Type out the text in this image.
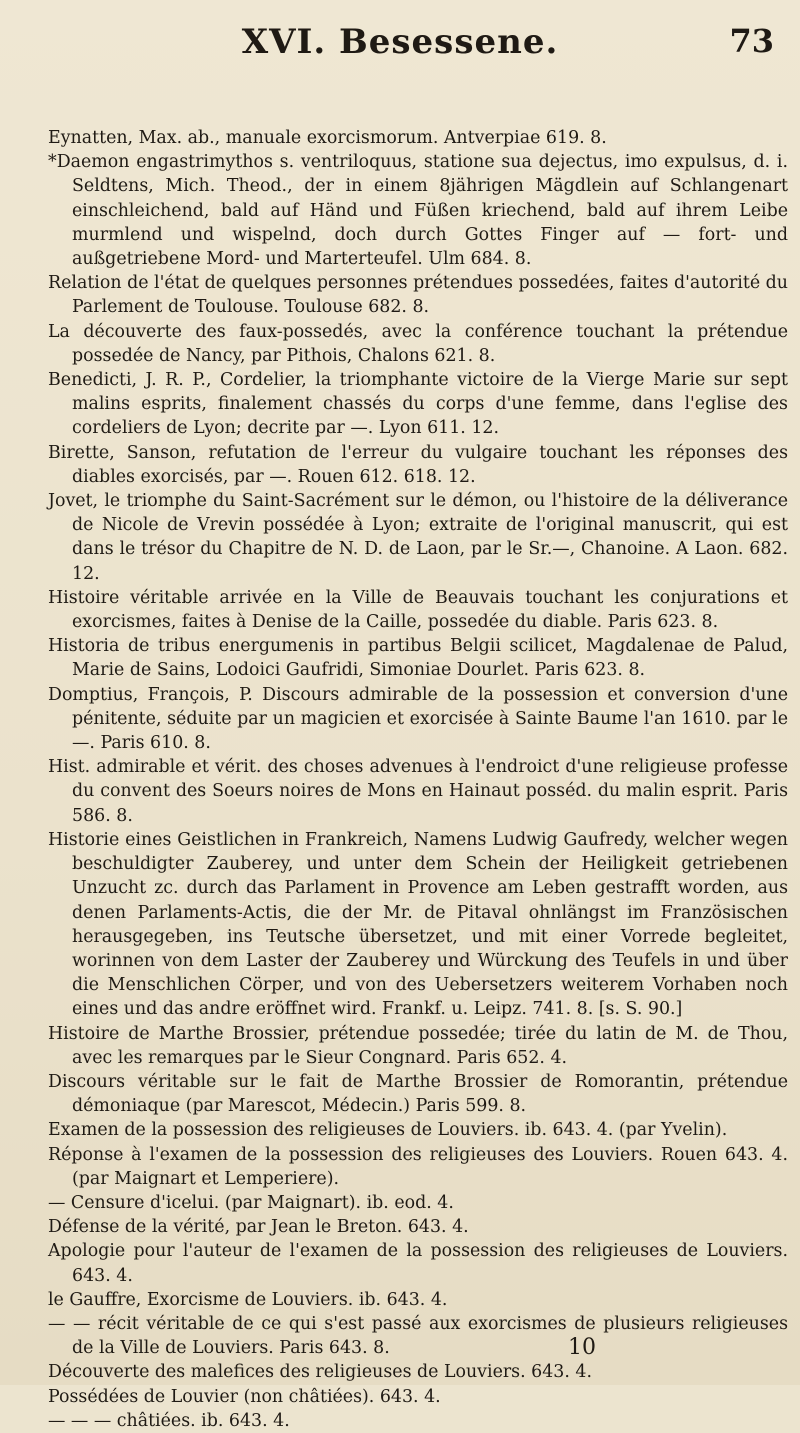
XVI. Besessene.	73

Eynatten, Max. ab., manuale exorcismorum. Antverpiae 619. 8.

*Daemon engastrimythos s. ventriloquus, statione sua dejectus, imo expulsus, d. i. Seldtens, Mich. Theod., der in einem 8jährigen Mägdlein auf Schlangenart einschleichend, bald auf Händ und Füßen kriechend, bald auf ihrem Leibe murmlend und wispelnd, doch durch Gottes Finger auf — fort- und außgetriebene Mord- und Marterteufel. Ulm 684. 8.

Relation de l'état de quelques personnes prétendues possedées, faites d'autorité du Parlement de Toulouse. Toulouse 682. 8.

La découverte des faux-possedés, avec la conférence touchant la prétendue possedée de Nancy, par Pithois, Chalons 621. 8.

Benedicti, J. R. P., Cordelier, la triomphante victoire de la Vierge Marie sur sept malins esprits, finalement chassés du corps d'une femme, dans l'eglise des cordeliers de Lyon; decrite par —. Lyon 611. 12.

Birette, Sanson, refutation de l'erreur du vulgaire touchant les réponses des diables exorcisés, par —. Rouen 612. 618. 12.

Jovet, le triomphe du Saint-Sacrément sur le démon, ou l'histoire de la déliverance de Nicole de Vrevin possédée à Lyon; extraite de l'original manuscrit, qui est dans le trésor du Chapitre de N. D. de Laon, par le Sr.—, Chanoine. A Laon. 682. 12.

Histoire véritable arrivée en la Ville de Beauvais touchant les conjurations et exorcismes, faites à Denise de la Caille, possedée du diable. Paris 623. 8.

Historia de tribus energumenis in partibus Belgii scilicet, Magdalenae de Palud, Marie de Sains, Lodoici Gaufridi, Simoniae Dourlet. Paris 623. 8.

Domptius, François, P. Discours admirable de la possession et conversion d'une pénitente, séduite par un magicien et exorcisée à Sainte Baume l'an 1610. par le —. Paris 610. 8.

Hist. admirable et vérit. des choses advenues à l'endroict d'une religieuse professe du convent des Soeurs noires de Mons en Hainaut posséd. du malin esprit. Paris 586. 8.

Historie eines Geistlichen in Frankreich, Namens Ludwig Gaufredy, welcher wegen beschuldigter Zauberey, und unter dem Schein der Heiligkeit getriebenen Unzucht zc. durch das Parlament in Provence am Leben gestrafft worden, aus denen Parlaments-Actis, die der Mr. de Pitaval ohnlängst im Französischen herausgegeben, ins Teutsche übersetzet, und mit einer Vorrede begleitet, worinnen von dem Laster der Zauberey und Würckung des Teufels in und über die Menschlichen Cörper, und von des Uebersetzers weiterem Vorhaben noch eines und das andre eröffnet wird. Frankf. u. Leipz. 741. 8. [s. S. 90.]

Histoire de Marthe Brossier, prétendue possedée; tirée du latin de M. de Thou, avec les remarques par le Sieur Congnard. Paris 652. 4.

Discours véritable sur le fait de Marthe Brossier de Romorantin, prétendue démoniaque (par Marescot, Médecin.) Paris 599. 8.

Examen de la possession des religieuses de Louviers. ib. 643. 4. (par Yvelin).

Réponse à l'examen de la possession des religieuses des Louviers. Rouen 643. 4. (par Maignart et Lemperiere).

— Censure d'icelui. (par Maignart). ib. eod. 4.

Défense de la vérité, par Jean le Breton. 643. 4.

Apologie pour l'auteur de l'examen de la possession des religieuses de Louviers. 643. 4.

le Gauffre, Exorcisme de Louviers. ib. 643. 4.

— — récit véritable de ce qui s'est passé aux exorcismes de plusieurs religieuses de la Ville de Louviers. Paris 643. 8.

Découverte des malefices des religieuses de Louviers. 643. 4.

Possédées de Louvier (non châtiées). 643. 4.

— — — châtiées. ib. 643. 4.

10
